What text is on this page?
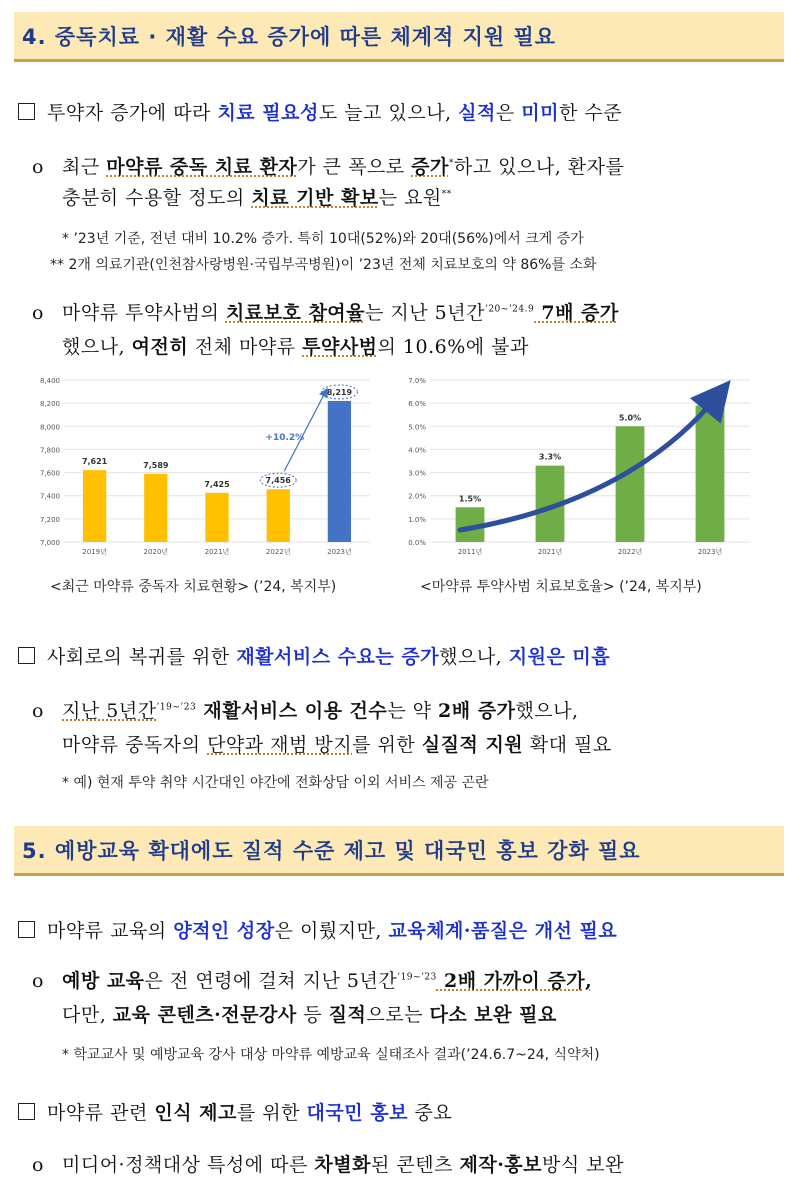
4. 중독치료 · 재활 수요 증가에 따른 체계적 지원 필요
투약자 증가에 따라 치료 필요성도 늘고 있으나, 실적은 미미한 수준
o 최근 마약류 중독 치료 환자가 큰 폭으로 증가*하고 있으나, 환자를
충분히 수용할 정도의 치료 기반 확보는 요원**
* ’23년 기준, 전년 대비 10.2% 증가. 특히 10대(52%)와 20대(56%)에서 크게 증가
** 2개 의료기관(인천참사랑병원·국립부곡병원)이 ’23년 전체 치료보호의 약 86%를 소화
o 마약류 투약사범의 치료보호 참여율는 지난 5년간$^{’20\sim’24.9}$ 7배 증가
했으나, 여전히 전체 마약류 투약사범의 10.6%에 불과
7,000
7,200
7,400
7,600
7,800
8,000
8,200
8,400
7,621
2019년
7,589
2020년
7,425
2021년
7,456
2022년
8,219
2023년
+10.2%
0.0%
1.0%
2.0%
3.0%
4.0%
5.0%
6.0%
7.0%
1.5%
2011년
3.3%
2021년
5.0%
2022년
5.9%
2023년
<최근 마약류 중독자 치료현황> (’24, 복지부)	<마약류 투약사범 치료보호율> (’24, 복지부)
사회로의 복귀를 위한 재활서비스 수요는 증가했으나, 지원은 미흡
o 지난 5년간$^{’19\sim’23}$ 재활서비스 이용 건수는 약 2배 증가했으나,
마약류 중독자의 단약과 재범 방지를 위한 실질적 지원 확대 필요
* 예) 현재 투약 취약 시간대인 야간에 전화상담 이외 서비스 제공 곤란
5. 예방교육 확대에도 질적 수준 제고 및 대국민 홍보 강화 필요
마약류 교육의 양적인 성장은 이뤘지만, 교육체계·품질은 개선 필요
o 예방 교육은 전 연령에 걸쳐 지난 5년간$^{’19\sim’23}$ 2배 가까이 증가,
다만, 교육 콘텐츠·전문강사 등 질적으로는 다소 보완 필요
* 학교교사 및 예방교육 강사 대상 마약류 예방교육 실태조사 결과(’24.6.7~24, 식약처)
마약류 관련 인식 제고를 위한 대국민 홍보 중요
o 미디어·정책대상 특성에 따른 차별화된 콘텐츠 제작·홍보방식 보완
